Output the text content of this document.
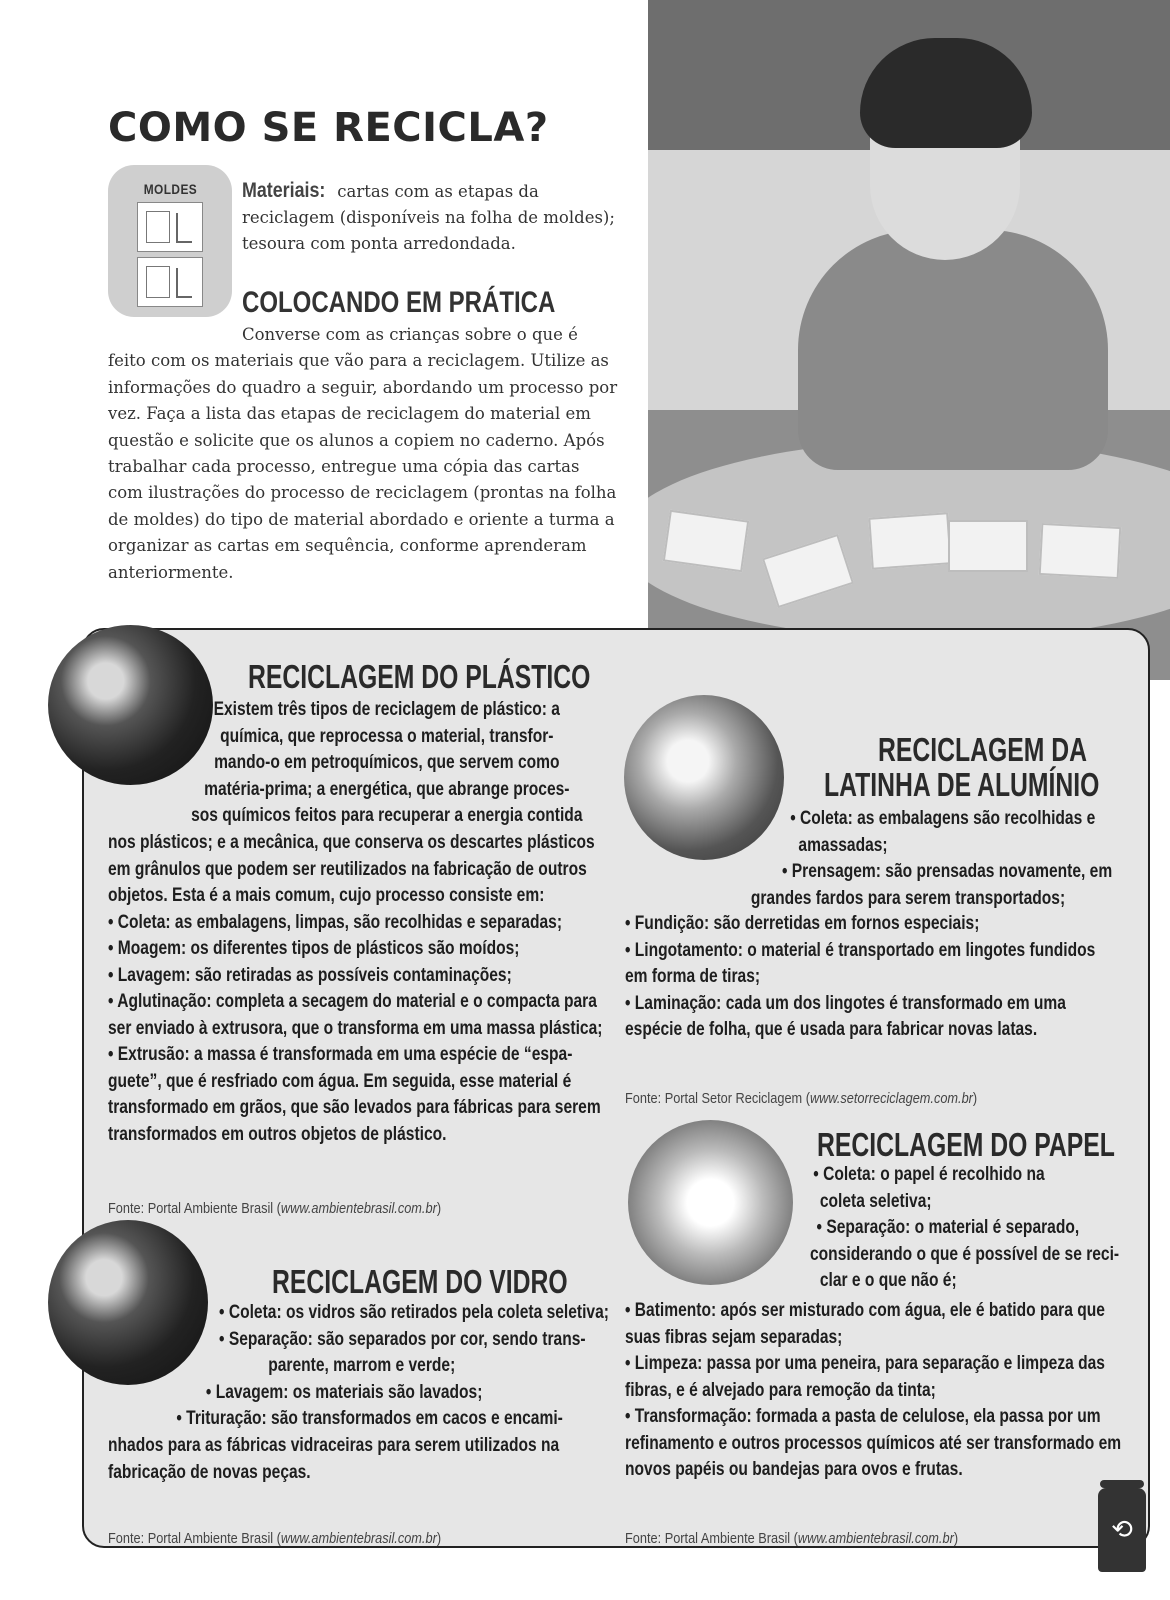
COMO SE RECICLA?
MOLDES Materiais: cartas com as etapas da reciclagem (disponíveis na folha de moldes); tesoura com ponta arredondada.
COLOCANDO EM PRÁTICA
Converse com as crianças sobre o que é feito com os materiais que vão para a reciclagem. Utilize as informações do quadro a seguir, abordando um processo por vez. Faça a lista das etapas de reciclagem do material em questão e solicite que os alunos a copiem no caderno. Após trabalhar cada processo, entregue uma cópia das cartas com ilustrações do processo de reciclagem (prontas na folha de moldes) do tipo de material abordado e oriente a turma a organizar as cartas em sequência, conforme aprenderam anteriormente.
RECICLAGEM DO PLÁSTICO

Existem três tipos de reciclagem de plástico: a

química, que reprocessa o material, transfor-

mando-o em petroquímicos, que servem como

matéria-prima; a energética, que abrange proces-

sos químicos feitos para recuperar a energia contida

nos plásticos; e a mecânica, que conserva os descartes plásticos

em grânulos que podem ser reutilizados na fabricação de outros

objetos. Esta é a mais comum, cujo processo consiste em:

• Coleta: as embalagens, limpas, são recolhidas e separadas;

• Moagem: os diferentes tipos de plásticos são moídos;

• Lavagem: são retiradas as possíveis contaminações;

• Aglutinação: completa a secagem do material e o compacta para

ser enviado à extrusora, que o transforma em uma massa plástica;

• Extrusão: a massa é transformada em uma espécie de “espa-

guete”, que é resfriado com água. Em seguida, esse material é

transformado em grãos, que são levados para fábricas para serem

transformados em outros objetos de plástico.

Fonte: Portal Ambiente Brasil (www.ambientebrasil.com.br)
RECICLAGEM DA
LATINHA DE ALUMÍNIO

• Coleta: as embalagens são recolhidas e

amassadas;

• Prensagem: são prensadas novamente, em

grandes fardos para serem transportados;

• Fundição: são derretidas em fornos especiais;

• Lingotamento: o material é transportado em lingotes fundidos

em forma de tiras;

• Laminação: cada um dos lingotes é transformado em uma

espécie de folha, que é usada para fabricar novas latas.

Fonte: Portal Setor Reciclagem (www.setorreciclagem.com.br)
RECICLAGEM DO PAPEL

• Coleta: o papel é recolhido na

coleta seletiva;

• Separação: o material é separado,

considerando o que é possível de se reci-

clar e o que não é;

• Batimento: após ser misturado com água, ele é batido para que

suas fibras sejam separadas;

• Limpeza: passa por uma peneira, para separação e limpeza das

fibras, e é alvejado para remoção da tinta;

• Transformação: formada a pasta de celulose, ela passa por um

refinamento e outros processos químicos até ser transformado em

novos papéis ou bandejas para ovos e frutas.

Fonte: Portal Ambiente Brasil (www.ambientebrasil.com.br)
RECICLAGEM DO VIDRO

• Coleta: os vidros são retirados pela coleta seletiva;

• Separação: são separados por cor, sendo trans-

parente, marrom e verde;

• Lavagem: os materiais são lavados;

• Trituração: são transformados em cacos e encami-

nhados para as fábricas vidraceiras para serem utilizados na

fabricação de novas peças.

Fonte: Portal Ambiente Brasil (www.ambientebrasil.com.br)	⟲
